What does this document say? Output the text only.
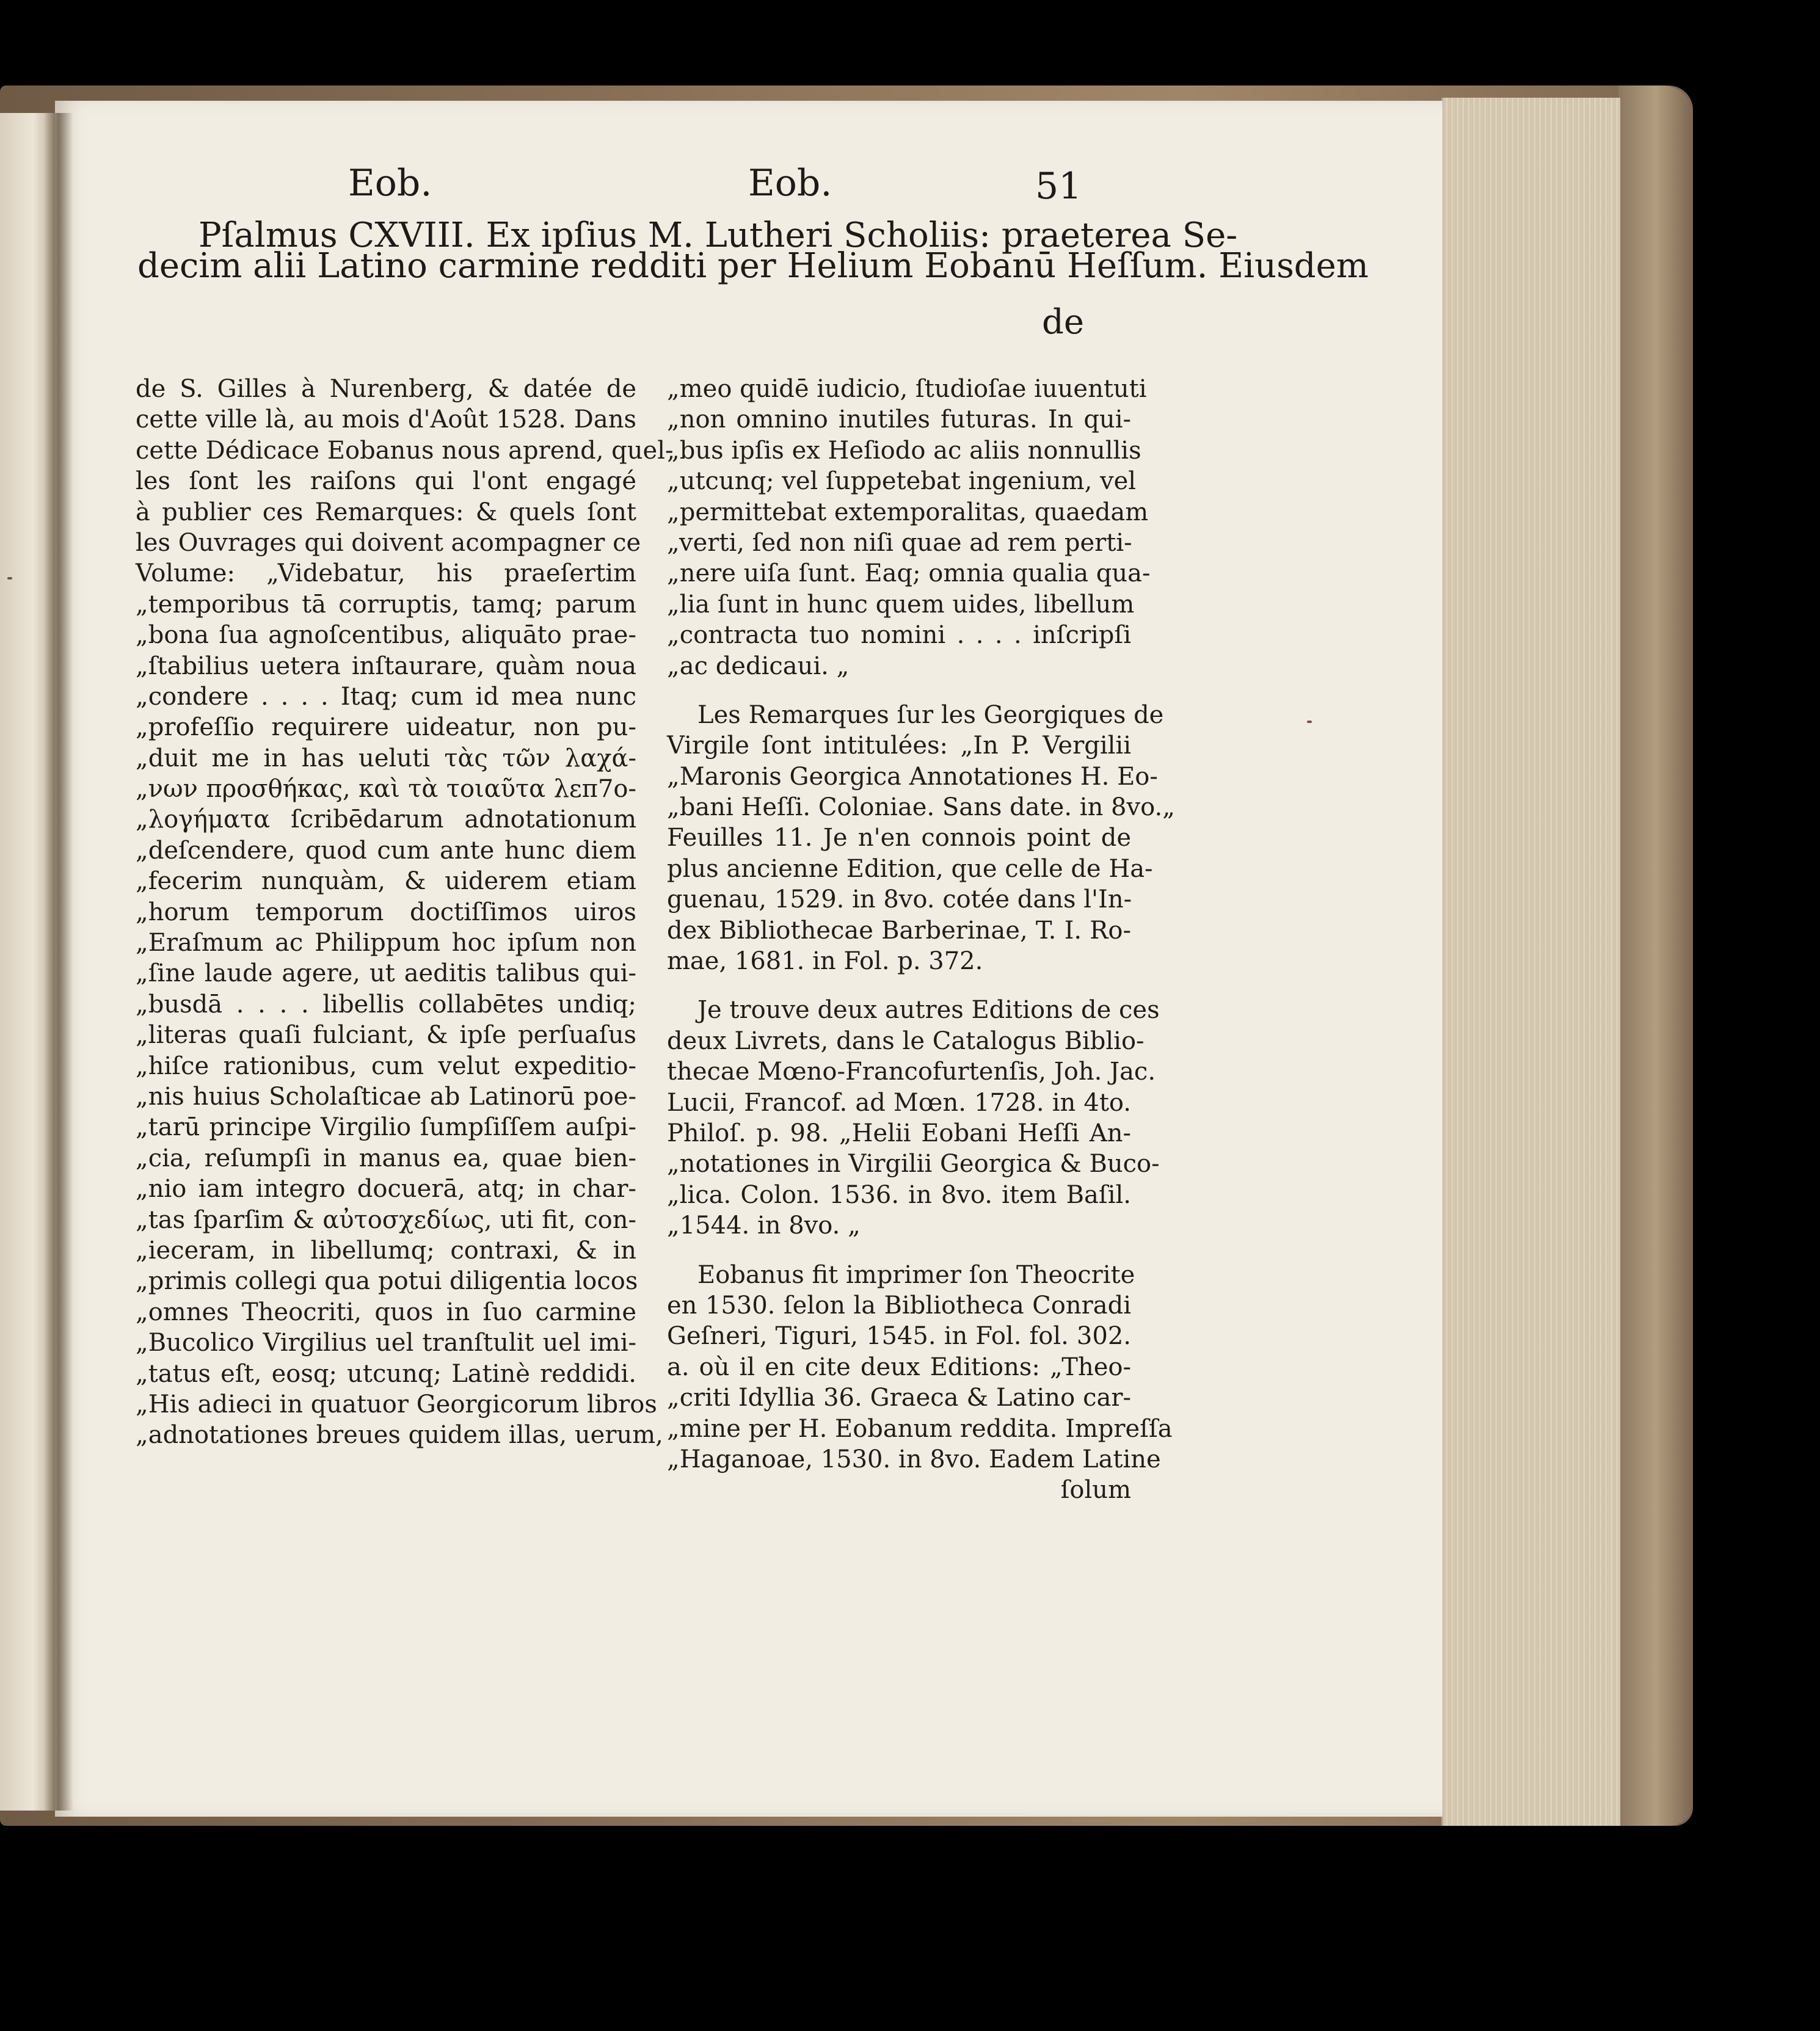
Eob.	Eob.	51
Pſalmus CXVIII. Ex ipſius M. Lutheri Scholiis: praeterea Se-
decim alii Latino carmine redditi per Helium Eobanū Heſſum. Eiusdem
de
de S. Gilles à Nurenberg, & datée de
cette ville là, au mois d'Août 1528. Dans
cette Dédicace Eobanus nous aprend, quel-
les ſont les raiſons qui l'ont engagé
à publier ces Remarques: & quels ſont
les Ouvrages qui doivent acompagner ce
Volume: „Videbatur, his praeſertim
„temporibus tā corruptis, tamq; parum
„bona ſua agnoſcentibus, aliquāto prae-
„ſtabilius uetera inſtaurare, quàm noua
„condere . . . . Itaq; cum id mea nunc
„profeſſio requirere uideatur, non pu-
„duit me in has ueluti τὰς τῶν λαχά-
„νων προσθήκας, καὶ τὰ τοιαῦτα λεπ7ο-
„λογήματα ſcribēdarum adnotationum
„deſcendere, quod cum ante hunc diem
„fecerim nunquàm, & uiderem etiam
„horum temporum doctiſſimos uiros
„Eraſmum ac Philippum hoc ipſum non
„ſine laude agere, ut aeditis talibus qui-
„busdā . . . . libellis collabētes undiq;
„literas quaſi fulciant, & ipſe perſuaſus
„hiſce rationibus, cum velut expeditio-
„nis huius Scholaſticae ab Latinorū poe-
„tarū principe Virgilio ſumpſiſſem auſpi-
„cia, reſumpſi in manus ea, quae bien-
„nio iam integro docuerā, atq; in char-
„tas ſparſim & αὐτοσχεδίως, uti fit, con-
„ieceram, in libellumq; contraxi, & in
„primis collegi qua potui diligentia locos
„omnes Theocriti, quos in ſuo carmine
„Bucolico Virgilius uel tranſtulit uel imi-
„tatus eſt, eosq; utcunq; Latinè reddidi.
„His adieci in quatuor Georgicorum libros
„adnotationes breues quidem illas, uerum,
„meo quidē iudicio, ſtudioſae iuuentuti
„non omnino inutiles futuras. In qui-
„bus ipſis ex Heſiodo ac aliis nonnullis
„utcunq; vel ſuppetebat ingenium, vel
„permittebat extemporalitas, quaedam
„verti, ſed non niſi quae ad rem perti-
„nere uiſa ſunt. Eaq; omnia qualia qua-
„lia ſunt in hunc quem uides, libellum
„contracta tuo nomini . . . . inſcripſi
„ac dedicaui. „
Les Remarques ſur les Georgiques de
Virgile ſont intitulées: „In P. Vergilii
„Maronis Georgica Annotationes H. Eo-
„bani Heſſi. Coloniae. Sans date. in 8vo.„
Feuilles 11. Je n'en connois point de
plus ancienne Edition, que celle de Ha-
guenau, 1529. in 8vo. cotée dans l'In-
dex Bibliothecae Barberinae, T. I. Ro-
mae, 1681. in Fol. p. 372.
Je trouve deux autres Editions de ces
deux Livrets, dans le Catalogus Biblio-
thecae Mœno-Francofurtenſis, Joh. Jac.
Lucii, Francof. ad Mœn. 1728. in 4to.
Philoſ. p. 98. „Helii Eobani Heſſi An-
„notationes in Virgilii Georgica & Buco-
„lica. Colon. 1536. in 8vo. item Baſil.
„1544. in 8vo. „
Eobanus fit imprimer ſon Theocrite
en 1530. ſelon la Bibliotheca Conradi
Geſneri, Tiguri, 1545. in Fol. fol. 302.
a. où il en cite deux Editions: „Theo-
„criti Idyllia 36. Graeca & Latino car-
„mine per H. Eobanum reddita. Impreſſa
„Haganoae, 1530. in 8vo. Eadem Latine
ſolum
